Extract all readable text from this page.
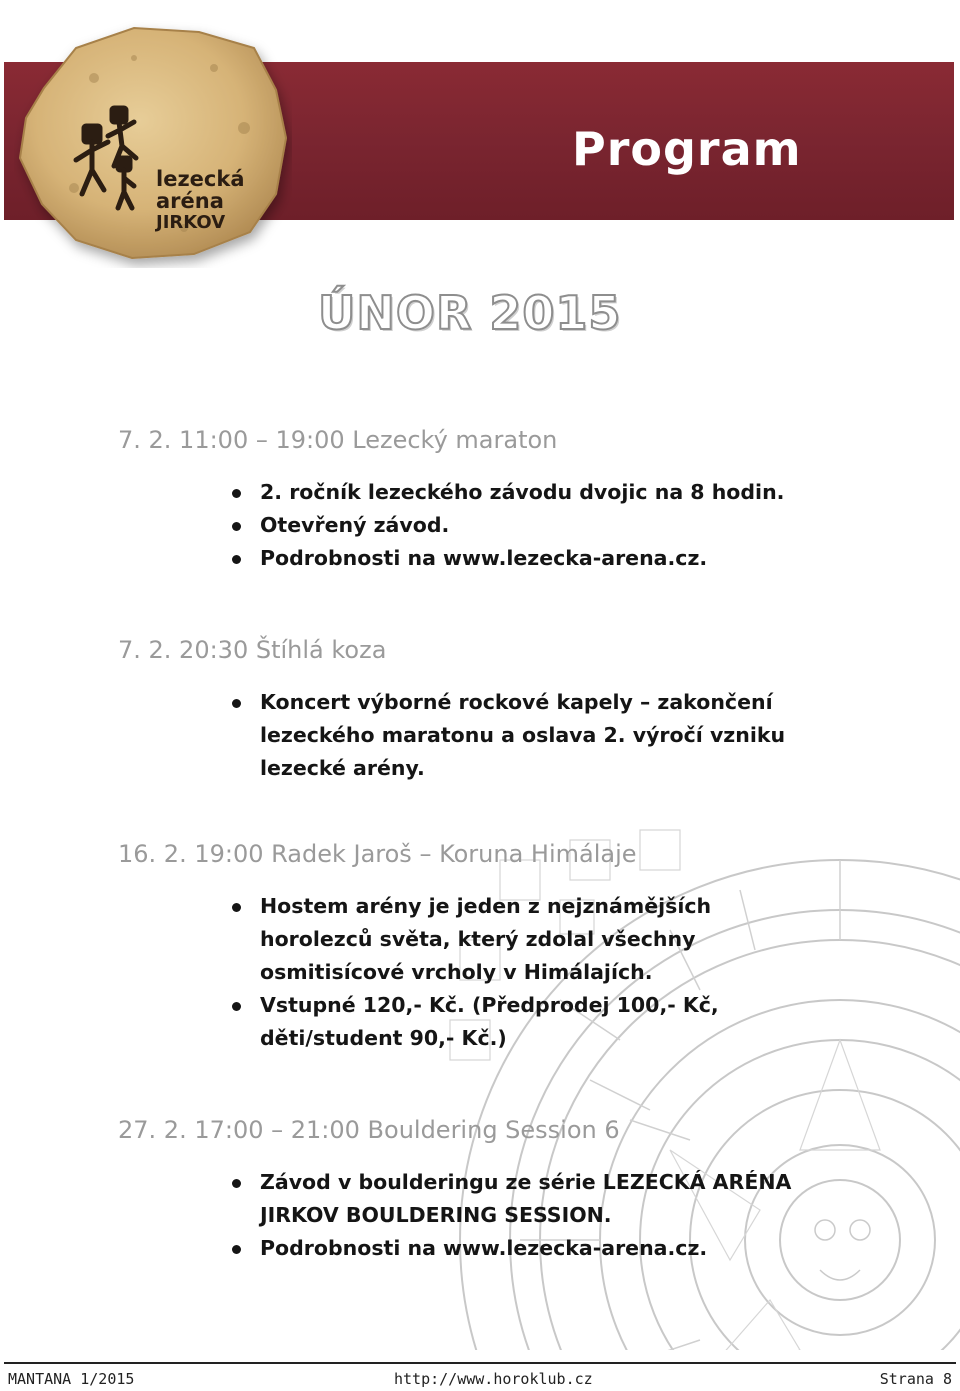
Program
lezecká
aréna
JIRKOV
ÚNOR 2015
7. 2. 11:00 – 19:00 Lezecký maraton
2. ročník lezeckého závodu dvojic na 8 hodin.
Otevřený závod.
Podrobnosti na www.lezecka-arena.cz.
7. 2. 20:30 Štíhlá koza
Koncert výborné rockové kapely – zakončení lezeckého maratonu a oslava 2. výročí vzniku lezecké arény.
16. 2. 19:00 Radek Jaroš – Koruna Himálaje
Hostem arény je jeden z nejznámějších horolezců světa, který zdolal všechny osmitisícové vrcholy v Himálajích.
Vstupné 120,- Kč. (Předprodej 100,- Kč, děti/student 90,- Kč.)
27. 2. 17:00 – 21:00 Bouldering Session 6
Závod v boulderingu ze série LEZECKÁ ARÉNA JIRKOV BOULDERING SESSION.
Podrobnosti na www.lezecka-arena.cz.
MANTANA 1/2015	http://www.horoklub.cz	Strana 8
